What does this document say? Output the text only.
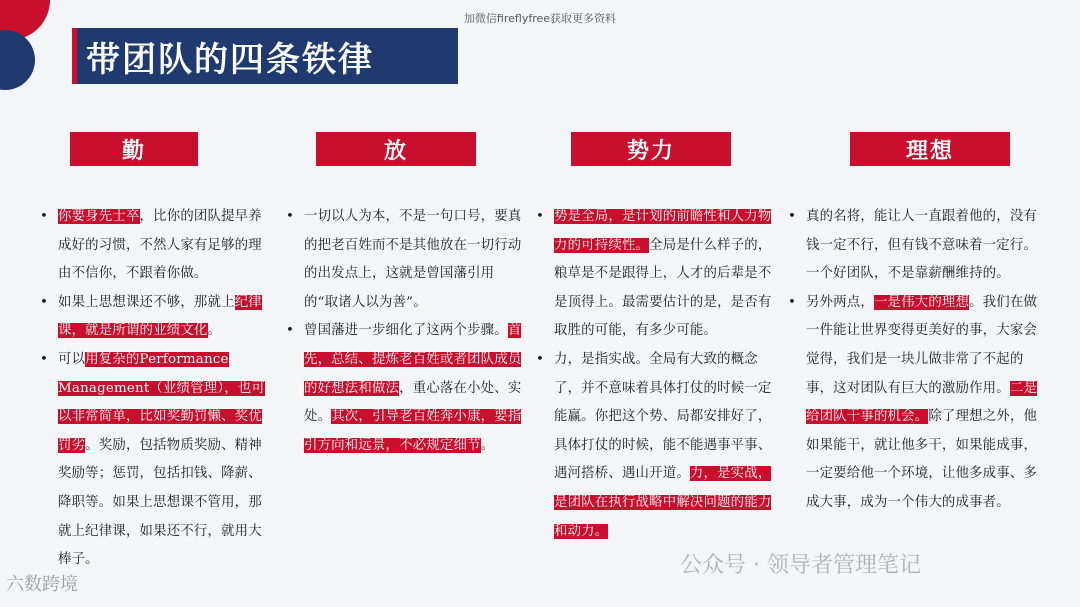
加微信fireflyfree获取更多资料
带团队的四条铁律
勤	放	势力	理想
• 你要身先士卒，比你的团队提早养成好的习惯，不然人家有足够的理由不信你，不跟着你做。
• 如果上思想课还不够，那就上纪律课，就是所谓的业绩文化。
• 可以用复杂的Performance Management（业绩管理），也可以非常简单，比如奖勤罚懒、奖优罚劣。奖励，包括物质奖励、精神奖励等；惩罚，包括扣钱、降薪、降职等。如果上思想课不管用，那就上纪律课，如果还不行，就用大棒子。
• 一切以人为本，不是一句口号，要真的把老百姓而不是其他放在一切行动的出发点上，这就是曾国藩引用的“取诸人以为善”。
• 曾国藩进一步细化了这两个步骤。首先，总结、提炼老百姓或者团队成员的好想法和做法，重心落在小处、实处。其次，引导老百姓奔小康，要指引方向和远景，不必规定细节。
• 势是全局，是计划的前瞻性和人力物力的可持续性。全局是什么样子的，粮草是不是跟得上，人才的后辈是不是顶得上。最需要估计的是，是否有取胜的可能，有多少可能。
• 力，是指实战。全局有大致的概念了，并不意味着具体打仗的时候一定能赢。你把这个势、局都安排好了，具体打仗的时候，能不能遇事平事、遇河搭桥、遇山开道。力，是实战，是团队在执行战略中解决问题的能力和动力。
• 真的名将，能让人一直跟着他的，没有钱一定不行，但有钱不意味着一定行。一个好团队，不是靠薪酬维持的。
• 另外两点，一是伟大的理想。我们在做一件能让世界变得更美好的事，大家会觉得，我们是一块儿做非常了不起的事，这对团队有巨大的激励作用。二是给团队干事的机会。除了理想之外，他如果能干，就让他多干，如果能成事，一定要给他一个环境，让他多成事、多成大事，成为一个伟大的成事者。
公众号 · 领导者管理笔记
六数跨境
